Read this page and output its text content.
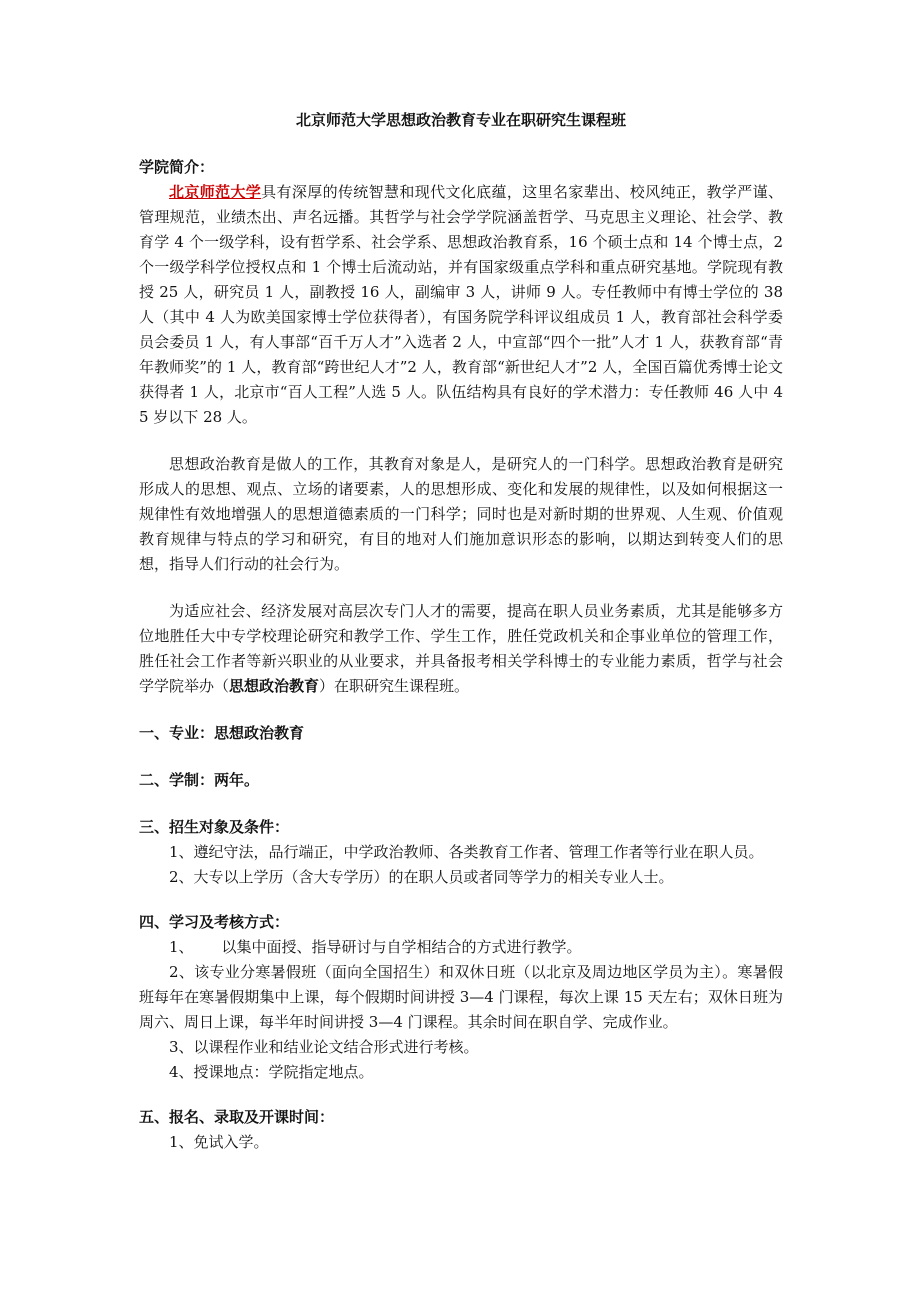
北京师范大学思想政治教育专业在职研究生课程班

学院简介：

北京师范大学具有深厚的传统智慧和现代文化底蕴，这里名家辈出、校风纯正，教学严谨、管理规范，业绩杰出、声名远播。其哲学与社会学学院涵盖哲学、马克思主义理论、社会学、教育学 4 个一级学科，设有哲学系、社会学系、思想政治教育系，16 个硕士点和 14 个博士点，2 个一级学科学位授权点和 1 个博士后流动站，并有国家级重点学科和重点研究基地。学院现有教授 25 人，研究员 1 人，副教授 16 人，副编审 3 人，讲师 9 人。专任教师中有博士学位的 38 人（其中 4 人为欧美国家博士学位获得者），有国务院学科评议组成员 1 人，教育部社会科学委员会委员 1 人，有人事部“百千万人才”入选者 2 人，中宣部“四个一批”人才 1 人，获教育部“青年教师奖”的 1 人，教育部“跨世纪人才”2 人，教育部“新世纪人才”2 人，全国百篇优秀博士论文获得者 1 人，北京市“百人工程”人选 5 人。队伍结构具有良好的学术潜力：专任教师 46 人中 45 岁以下 28 人。

思想政治教育是做人的工作，其教育对象是人，是研究人的一门科学。思想政治教育是研究形成人的思想、观点、立场的诸要素，人的思想形成、变化和发展的规律性，以及如何根据这一规律性有效地增强人的思想道德素质的一门科学；同时也是对新时期的世界观、人生观、价值观教育规律与特点的学习和研究，有目的地对人们施加意识形态的影响，以期达到转变人们的思想，指导人们行动的社会行为。

为适应社会、经济发展对高层次专门人才的需要，提高在职人员业务素质，尤其是能够多方位地胜任大中专学校理论研究和教学工作、学生工作，胜任党政机关和企事业单位的管理工作，胜任社会工作者等新兴职业的从业要求，并具备报考相关学科博士的专业能力素质，哲学与社会学学院举办（思想政治教育）在职研究生课程班。

一、专业：思想政治教育

二、学制：两年。

三、招生对象及条件：

1、遵纪守法，品行端正，中学政治教师、各类教育工作者、管理工作者等行业在职人员。

2、大专以上学历（含大专学历）的在职人员或者同等学力的相关专业人士。

四、学习及考核方式：

1、 以集中面授、指导研讨与自学相结合的方式进行教学。

2、该专业分寒暑假班（面向全国招生）和双休日班（以北京及周边地区学员为主）。寒暑假班每年在寒暑假期集中上课，每个假期时间讲授 3—4 门课程，每次上课 15 天左右；双休日班为周六、周日上课，每半年时间讲授 3—4 门课程。其余时间在职自学、完成作业。

3、以课程作业和结业论文结合形式进行考核。

4、授课地点：学院指定地点。

五、报名、录取及开课时间：

1、免试入学。
